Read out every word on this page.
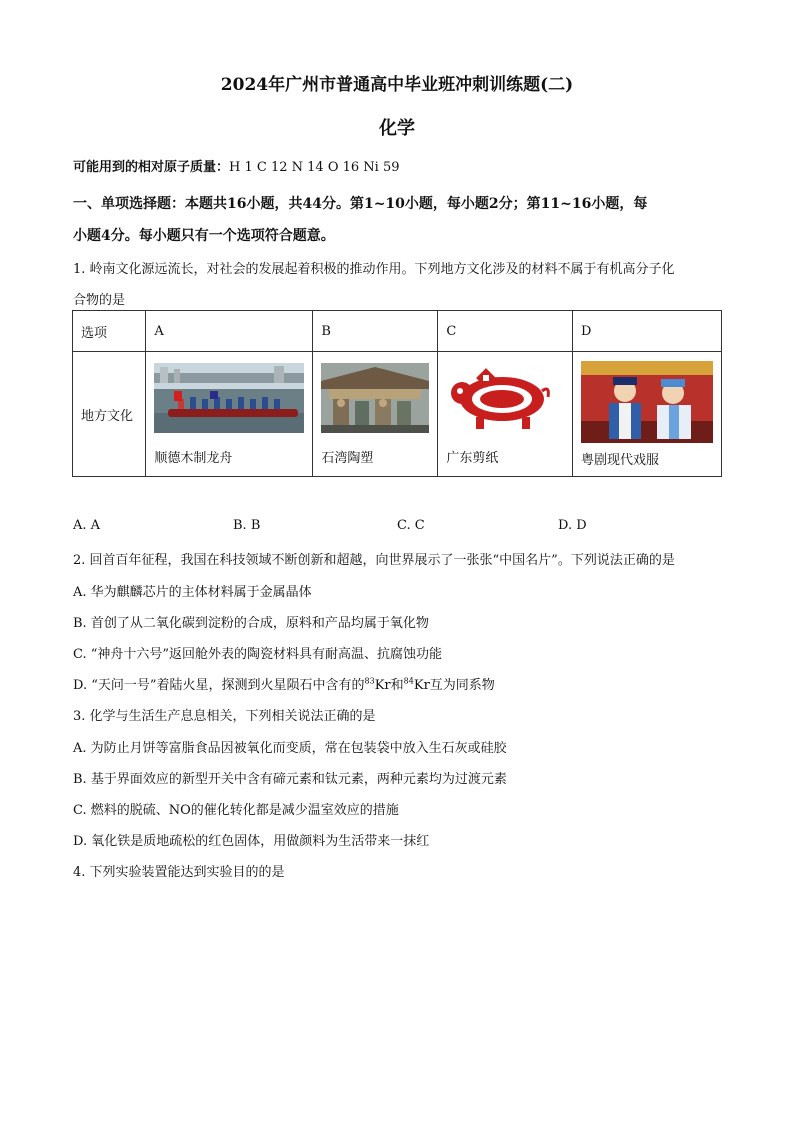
2024年广州市普通高中毕业班冲刺训练题(二)
化学
可能用到的相对原子质量：H 1 C 12 N 14 O 16 Ni 59
一、单项选择题：本题共16小题，共44分。第1~10小题，每小题2分；第11~16小题，每
小题4分。每小题只有一个选项符合题意。
1. 岭南文化源远流长，对社会的发展起着积极的推动作用。下列地方文化涉及的材料不属于有机高分子化
合物的是
选项	A	B	C	D
地方文化	顺德木制龙舟	石湾陶塑	广东剪纸	粤剧现代戏服
A. A	B. B	C. C	D. D
2. 回首百年征程，我国在科技领域不断创新和超越，向世界展示了一张张“中国名片”。下列说法正确的是
A. 华为麒麟芯片的主体材料属于金属晶体
B. 首创了从二氧化碳到淀粉的合成，原料和产品均属于氧化物
C. “神舟十六号”返回舱外表的陶瓷材料具有耐高温、抗腐蚀功能
D. “天问一号”着陆火星，探测到火星陨石中含有的$^{83}$Kr和$^{84}$Kr互为同系物
3. 化学与生活生产息息相关，下列相关说法正确的是
A. 为防止月饼等富脂食品因被氧化而变质，常在包装袋中放入生石灰或硅胶
B. 基于界面效应的新型开关中含有碲元素和钛元素，两种元素均为过渡元素
C. 燃料的脱硫、NO的催化转化都是减少温室效应的措施
D. 氧化铁是质地疏松的红色固体，用做颜料为生活带来一抹红
4. 下列实验装置能达到实验目的的是
